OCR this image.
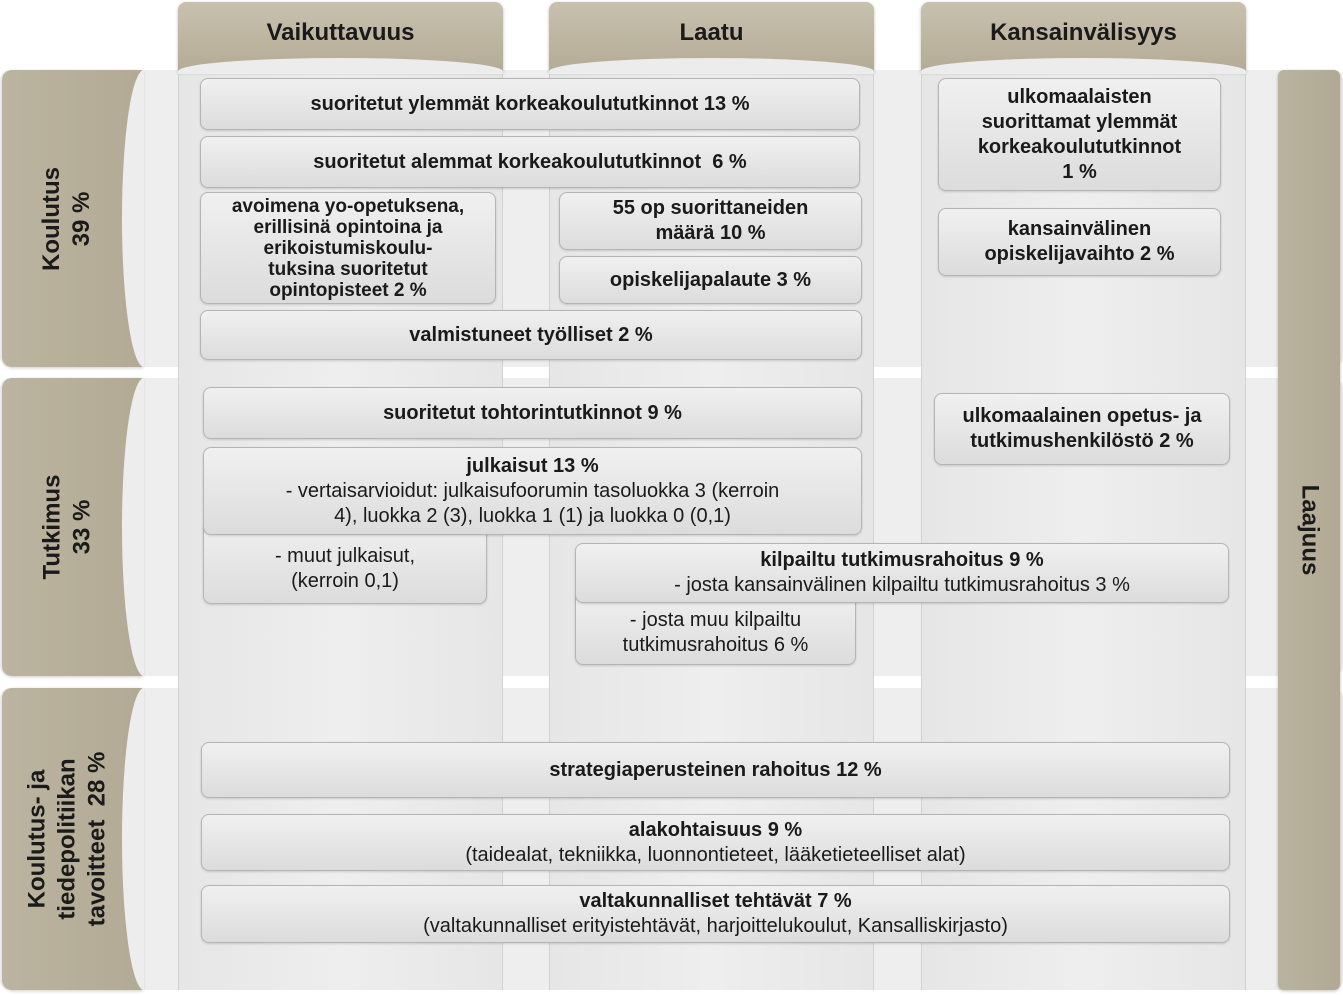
Vaikuttavuus	Laatu	Kansainvälisyys
Koulutus 39 %
Tutkimus 33 %
Koulutus- ja tiedepolitiikan tavoitteet  28 %
Laajuus
suoritetut ylemmät korkeakoulututkinnot 13 %
suoritetut alemmat korkeakoulututkinnot  6 %
avoimena yo-opetuksena,
erillisinä opintoina ja
erikoistumiskoulu-
tuksina suoritetut
opintopisteet 2 %
55 op suorittaneiden
määrä 10 %
opiskelijapalaute 3 %
valmistuneet työlliset 2 %
ulkomaalaisten
suorittamat ylemmät
korkeakoulututkinnot
1 %
kansainvälinen
opiskelijavaihto 2 %
suoritetut tohtorintutkinnot 9 %	ulkomaalainen opetus- ja
tutkimushenkilöstö 2 %
- muut julkaisut,
(kerroin 0,1)
julkaisut 13 %
- vertaisarvioidut: julkaisufoorumin tasoluokka 3 (kerroin
4), luokka 2 (3), luokka 1 (1) ja luokka 0 (0,1)
- josta muu kilpailtu
tutkimusrahoitus 6 %
kilpailtu tutkimusrahoitus 9 %
- josta kansainvälinen kilpailtu tutkimusrahoitus 3 %
strategiaperusteinen rahoitus 12 %
alakohtaisuus 9 %
(taidealat, tekniikka, luonnontieteet, lääketieteelliset alat)
valtakunnalliset tehtävät 7 %
(valtakunnalliset erityistehtävät, harjoittelukoulut, Kansalliskirjasto)
